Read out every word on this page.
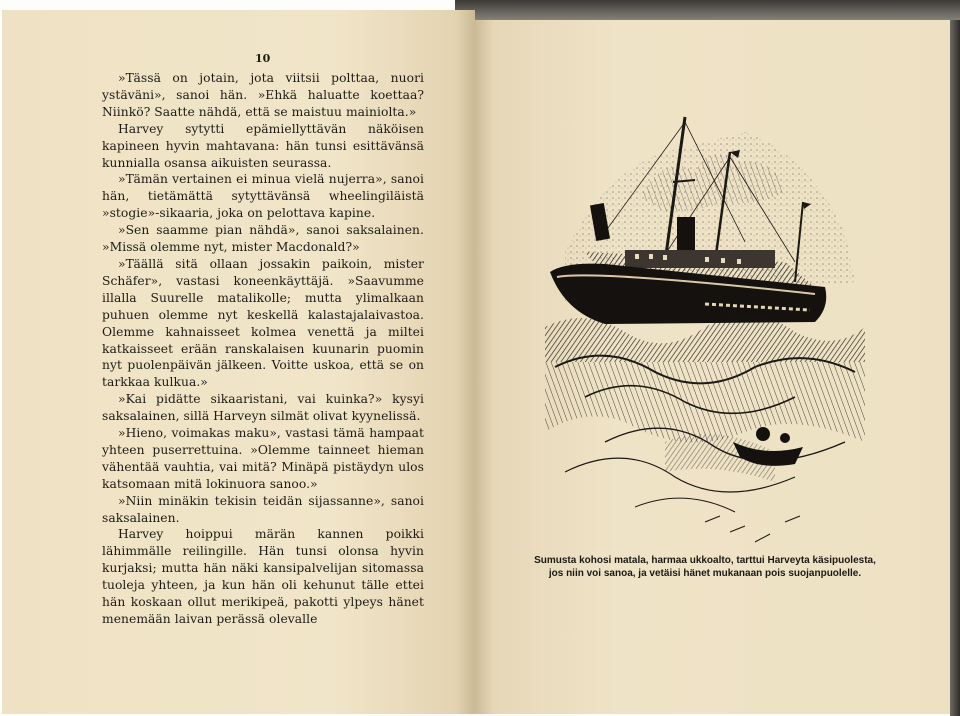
10

»Tässä on jotain, jota viitsii polttaa, nuori ystäväni», sanoi hän. »Ehkä haluatte koettaa? Niinkö? Saatte nähdä, että se maistuu mainiolta.»

Harvey sytytti epämiellyttävän näköisen kapineen hyvin mahtavana: hän tunsi esittävänsä kunnialla osansa aikuisten seurassa.

»Tämän vertainen ei minua vielä nujerra», sanoi hän, tietämättä sytyttävänsä wheelingiläistä »stogie»-sikaaria, joka on pelottava kapine.

»Sen saamme pian nähdä», sanoi saksalainen. »Missä olemme nyt, mister Macdonald?»

»Täällä sitä ollaan jossakin paikoin, mister Schäfer», vastasi koneenkäyttäjä. »Saavumme illalla Suurelle matalikolle; mutta ylimalkaan puhuen olemme nyt keskellä kalastajalaivastoa. Olemme kahnaisseet kolmea venettä ja miltei katkaisseet erään ranskalaisen kuunarin puomin nyt puolenpäivän jälkeen. Voitte uskoa, että se on tarkkaa kulkua.»

»Kai pidätte sikaaristani, vai kuinka?» kysyi saksalainen, sillä Harveyn silmät olivat kyynelissä.

»Hieno, voimakas maku», vastasi tämä hampaat yhteen puserrettuina. »Olemme tainneet hieman vähentää vauhtia, vai mitä? Minäpä pistäydyn ulos katsomaan mitä lokinuora sanoo.»

»Niin minäkin tekisin teidän sijassanne», sanoi saksalainen.

Harvey hoippui märän kannen poikki lähimmälle reilingille. Hän tunsi olonsa hyvin kurjaksi; mutta hän näki kansipalvelijan sitomassa tuoleja yhteen, ja kun hän oli kehunut tälle ettei hän koskaan ollut merikipeä, pakotti ylpeys hänet menemään laivan perässä olevalle

Sumusta kohosi matala, harmaa ukkoalto, tarttui Harveyta käsipuolesta, jos niin voi sanoa, ja vetäisi hänet mukanaan pois suojanpuolelle.
